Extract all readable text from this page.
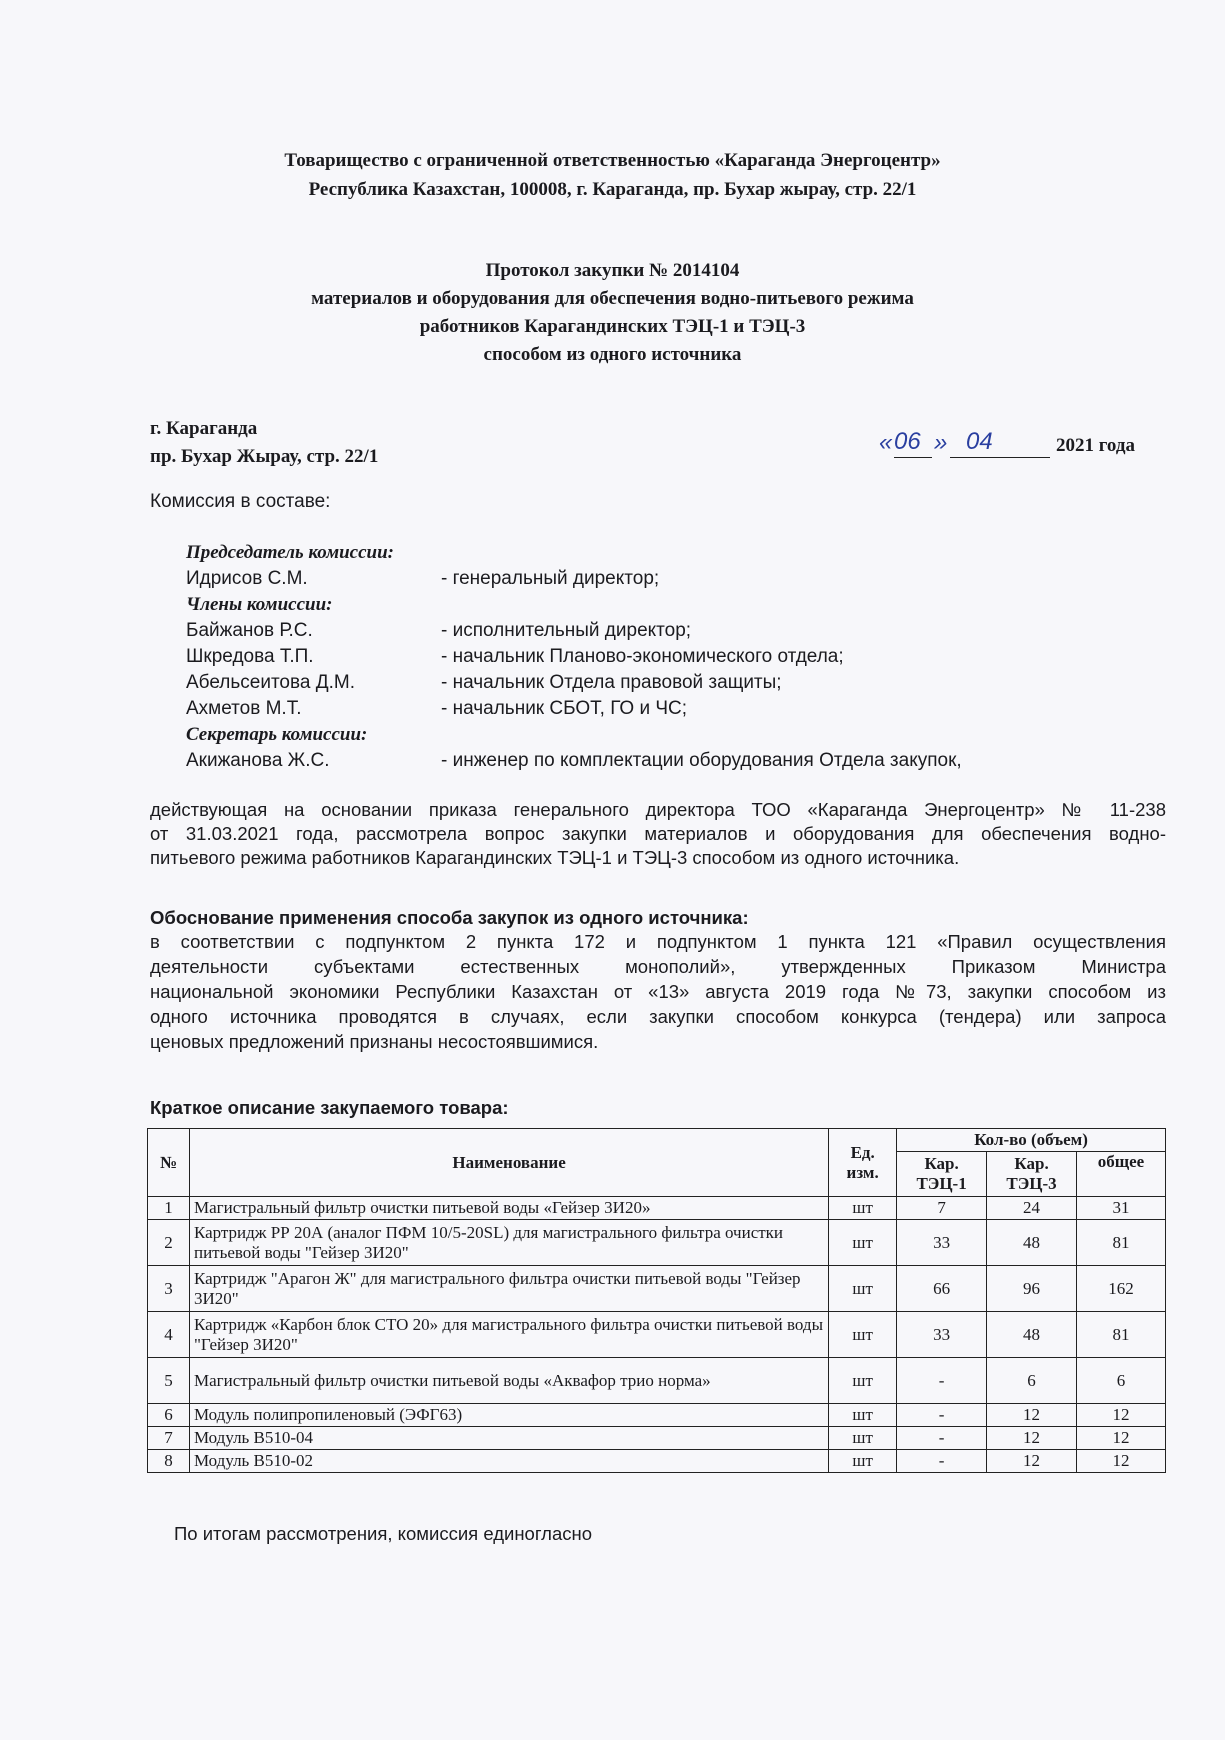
Товарищество с ограниченной ответственностью «Караганда Энергоцентр»
Республика Казахстан, 100008, г. Караганда, пр. Бухар жырау, стр. 22/1
Протокол закупки № 2014104
материалов и оборудования для обеспечения водно-питьевого режима
работников Карагандинских ТЭЦ-1 и ТЭЦ-3
способом из одного источника
г. Караганда
пр. Бухар Жырау, стр. 22/1
« 06 » 04	2021 года
Комиссия в составе:
Председатель комиссии:
Идрисов С.М.	- генеральный директор;
Члены комиссии:
Байжанов Р.С.	- исполнительный директор;
Шкредова Т.П.	- начальник Планово-экономического отдела;
Абельсеитова Д.М.	- начальник Отдела правовой защиты;
Ахметов М.Т.	- начальник СБОТ, ГО и ЧС;
Секретарь комиссии:
Акижанова Ж.С.	- инженер по комплектации оборудования Отдела закупок,
действующая на основании приказа генерального директора ТОО «Караганда Энергоцентр» № 11-238
от 31.03.2021 года, рассмотрела вопрос закупки материалов и оборудования для обеспечения водно-
питьевого режима работников Карагандинских ТЭЦ-1 и ТЭЦ-3 способом из одного источника.
Обоснование применения способа закупок из одного источника:
в соответствии с подпунктом 2 пункта 172 и подпунктом 1 пункта 121 «Правил осуществления
деятельности субъектами естественных монополий», утвержденных Приказом Министра
национальной экономики Республики Казахстан от «13» августа 2019 года №73, закупки способом из
одного источника проводятся в случаях, если закупки способом конкурса (тендера) или запроса
ценовых предложений признаны несостоявшимися.
Краткое описание закупаемого товара:
№	Наименование	Ед. изм.	Кол-во (объем)		
			Кар. ТЭЦ-1	Кар. ТЭЦ-3	общее
1	Магистральный фильтр очистки питьевой воды «Гейзер 3И20»	шт	7	24	31
2	Картридж РР 20А (аналог ПФМ 10/5-20SL) для магистрального фильтра очистки питьевой воды "Гейзер 3И20"	шт	33	48	81
3	Картридж "Арагон Ж" для магистрального фильтра очистки питьевой воды "Гейзер 3И20"	шт	66	96	162
4	Картридж «Карбон блок СТО 20» для магистрального фильтра очистки питьевой воды "Гейзер 3И20"	шт	33	48	81
5	Магистральный фильтр очистки питьевой воды «Аквафор трио норма»	шт	-	6	6
6	Модуль полипропиленовый (ЭФГ63)	шт	-	12	12
7	Модуль B510-04	шт	-	12	12
8	Модуль B510-02	шт	-	12	12
По итогам рассмотрения, комиссия единогласно
